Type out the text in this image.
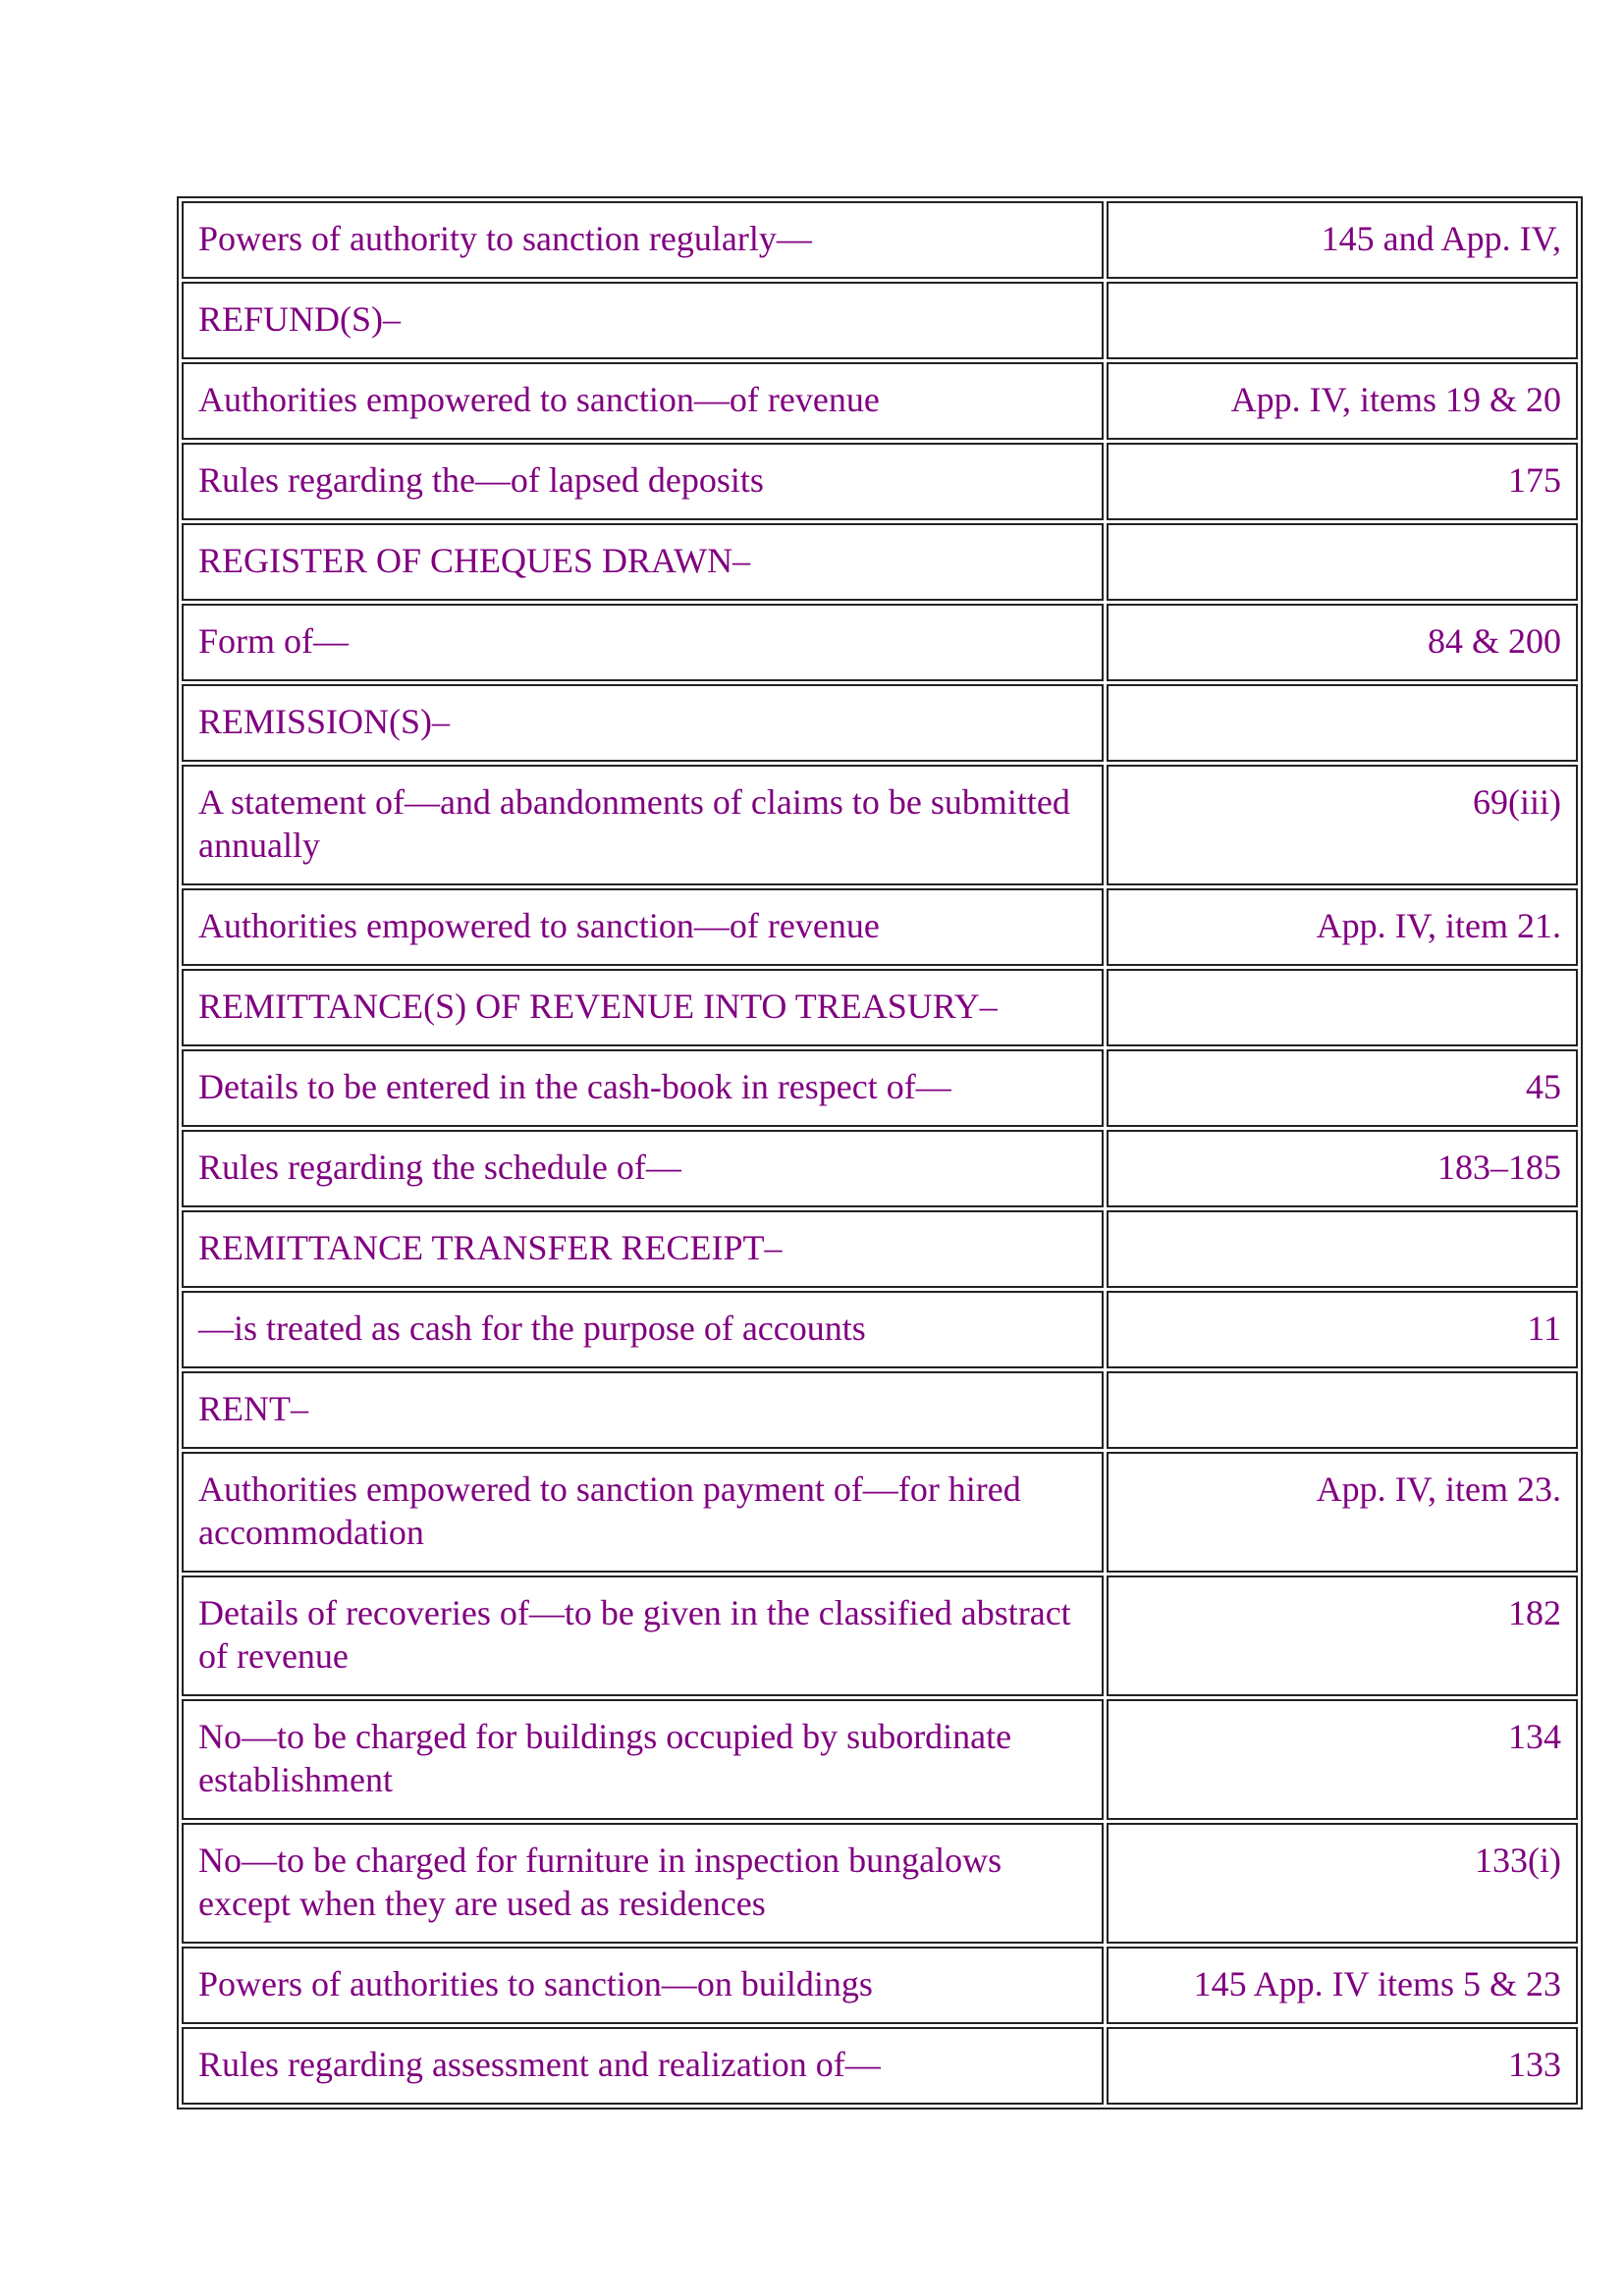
Powers of authority to sanction regularly—	145 and App. IV,
REFUND(S)–	
Authorities empowered to sanction—of revenue	App. IV, items 19 & 20
Rules regarding the—of lapsed deposits	175
REGISTER OF CHEQUES DRAWN–	
Form of—	84 & 200
REMISSION(S)–	
A statement of—and abandonments of claims to be submitted annually	69(iii)
Authorities empowered to sanction—of revenue	App. IV, item 21.
REMITTANCE(S) OF REVENUE INTO TREASURY–	
Details to be entered in the cash-book in respect of—	45
Rules regarding the schedule of—	183–185
REMITTANCE TRANSFER RECEIPT–	
—is treated as cash for the purpose of accounts	11
RENT–	
Authorities empowered to sanction payment of—for hired accommodation	App. IV, item 23.
Details of recoveries of—to be given in the classified abstract of revenue	182
No—to be charged for buildings occupied by subordinate establishment	134
No—to be charged for furniture in inspection bungalows except when they are used as residences	133(i)
Powers of authorities to sanction—on buildings	145 App. IV items 5 & 23
Rules regarding assessment and realization of—	133
